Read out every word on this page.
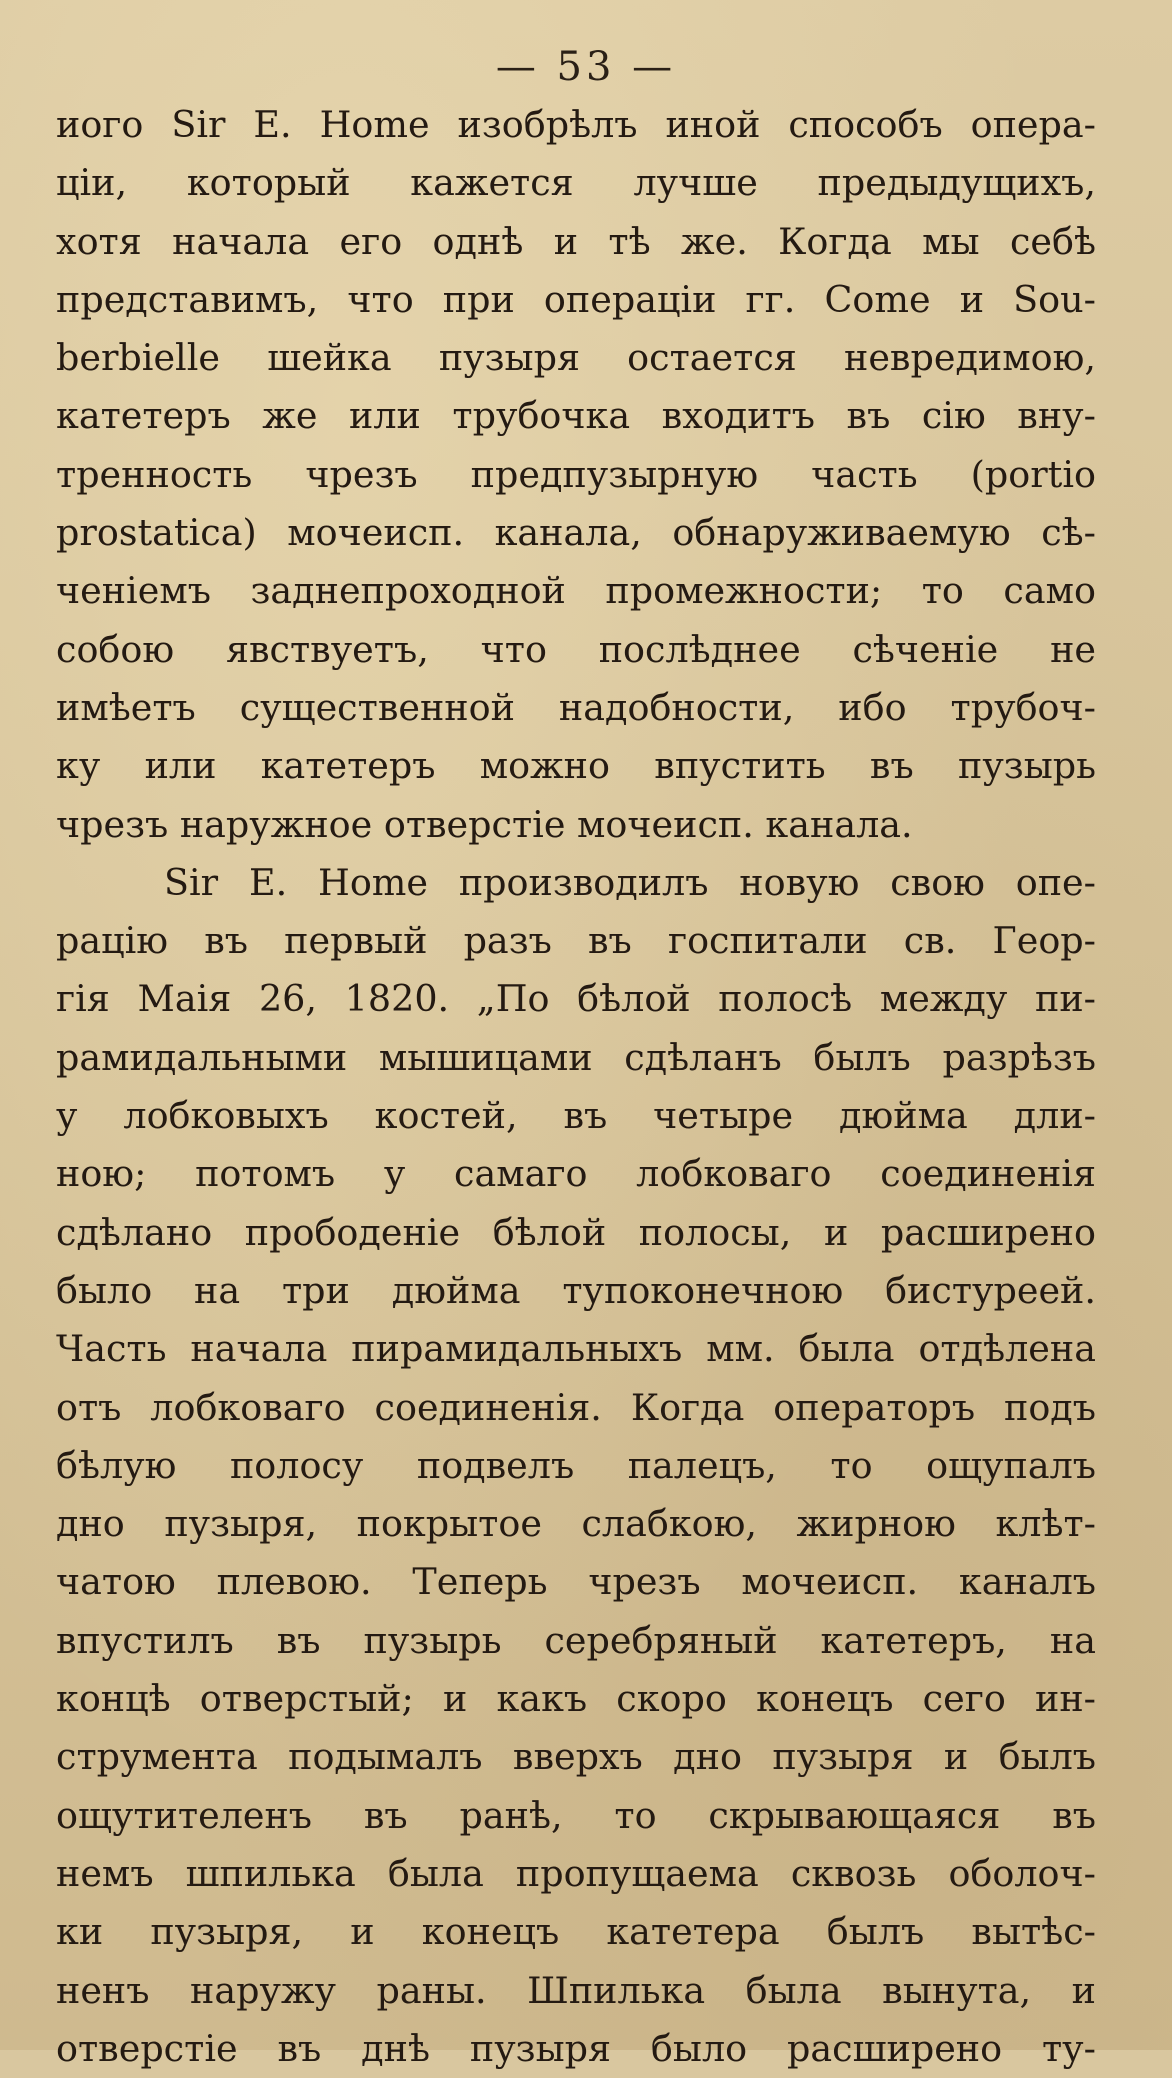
— 53 —
иого Sir E. Home изобрѣлъ иной способъ опера-
ціи, который кажется лучше предыдущихъ,
хотя начала его однѣ и тѣ же. Когда мы себѣ
представимъ, что при операціи гг. Come и Sou-
berbielle шейка пузыря остается невредимою,
катетеръ же или трубочка входитъ въ сію вну-
тренность чрезъ предпузырную часть (portio
prostatica) мочеисп. канала, обнаруживаемую сѣ-
ченіемъ заднепроходной промежности; то само
собою явствуетъ, что послѣднее сѣченіе не
имѣетъ существенной надобности, ибо трубоч-
ку или катетеръ можно впустить въ пузырь
чрезъ наружное отверстіе мочеисп. канала.
Sir E. Home производилъ новую свою опе-
рацію въ первый разъ въ госпитали св. Геор-
гія Маія 26, 1820. „По бѣлой полосѣ между пи-
рамидальными мышицами сдѣланъ былъ разрѣзъ
у лобковыхъ костей, въ четыре дюйма дли-
ною; потомъ у самаго лобковаго соединенія
сдѣлано прободеніе бѣлой полосы, и расширено
было на три дюйма тупоконечною бистуреей.
Часть начала пирамидальныхъ мм. была отдѣлена
отъ лобковаго соединенія. Когда операторъ подъ
бѣлую полосу подвелъ палецъ, то ощупалъ
дно пузыря, покрытое слабкою, жирною клѣт-
чатою плевою. Теперь чрезъ мочеисп. каналъ
впустилъ въ пузырь серебряный катетеръ, на
концѣ отверстый; и какъ скоро конецъ сего ин-
струмента подымалъ вверхъ дно пузыря и былъ
ощутителенъ въ ранѣ, то скрывающаяся въ
немъ шпилька была пропущаема сквозь оболоч-
ки пузыря, и конецъ катетера былъ вытѣс-
ненъ наружу раны. Шпилька была вынута, и
отверстіе въ днѣ пузыря было расширено ту-
